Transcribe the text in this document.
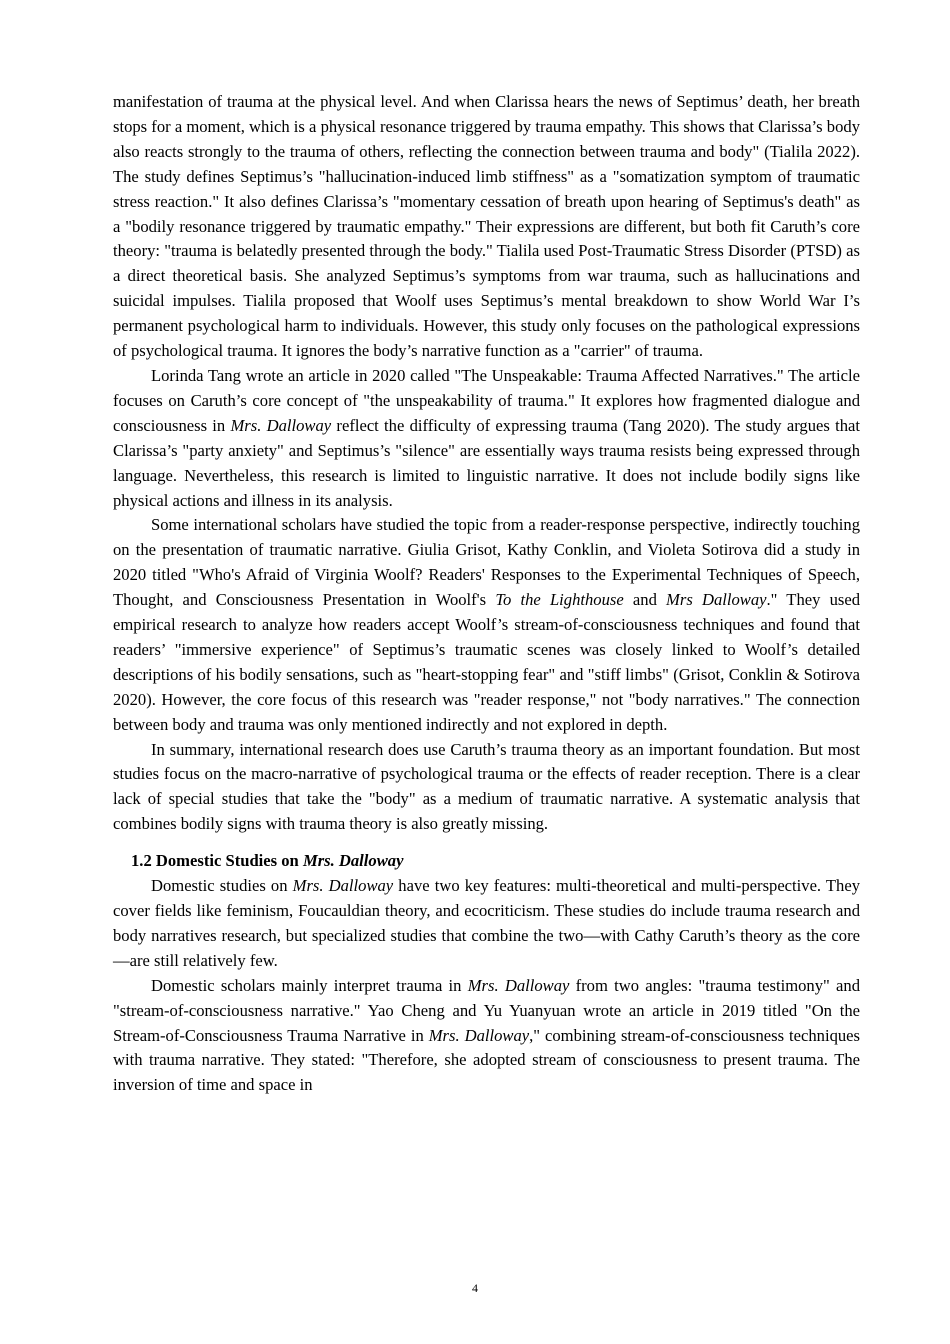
manifestation of trauma at the physical level. And when Clarissa hears the news of Septimus’ death, her breath stops for a moment, which is a physical resonance triggered by trauma empathy. This shows that Clarissa’s body also reacts strongly to the trauma of others, reflecting the connection between trauma and body" (Tialila 2022). The study defines Septimus’s "hallucination-induced limb stiffness" as a "somatization symptom of traumatic stress reaction." It also defines Clarissa’s "momentary cessation of breath upon hearing of Septimus's death" as a "bodily resonance triggered by traumatic empathy." Their expressions are different, but both fit Caruth’s core theory: "trauma is belatedly presented through the body." Tialila used Post-Traumatic Stress Disorder (PTSD) as a direct theoretical basis. She analyzed Septimus’s symptoms from war trauma, such as hallucinations and suicidal impulses. Tialila proposed that Woolf uses Septimus’s mental breakdown to show World War I’s permanent psychological harm to individuals. However, this study only focuses on the pathological expressions of psychological trauma. It ignores the body’s narrative function as a "carrier" of trauma.

Lorinda Tang wrote an article in 2020 called "The Unspeakable: Trauma Affected Narratives." The article focuses on Caruth’s core concept of "the unspeakability of trauma." It explores how fragmented dialogue and consciousness in Mrs. Dalloway reflect the difficulty of expressing trauma (Tang 2020). The study argues that Clarissa’s "party anxiety" and Septimus’s "silence" are essentially ways trauma resists being expressed through language. Nevertheless, this research is limited to linguistic narrative. It does not include bodily signs like physical actions and illness in its analysis.

Some international scholars have studied the topic from a reader-response perspective, indirectly touching on the presentation of traumatic narrative. Giulia Grisot, Kathy Conklin, and Violeta Sotirova did a study in 2020 titled "Who's Afraid of Virginia Woolf? Readers' Responses to the Experimental Techniques of Speech, Thought, and Consciousness Presentation in Woolf's To the Lighthouse and Mrs Dalloway." They used empirical research to analyze how readers accept Woolf’s stream-of-consciousness techniques and found that readers’ "immersive experience" of Septimus’s traumatic scenes was closely linked to Woolf’s detailed descriptions of his bodily sensations, such as "heart-stopping fear" and "stiff limbs" (Grisot, Conklin & Sotirova 2020). However, the core focus of this research was "reader response," not "body narratives." The connection between body and trauma was only mentioned indirectly and not explored in depth.

In summary, international research does use Caruth’s trauma theory as an important foundation. But most studies focus on the macro-narrative of psychological trauma or the effects of reader reception. There is a clear lack of special studies that take the "body" as a medium of traumatic narrative. A systematic analysis that combines bodily signs with trauma theory is also greatly missing.

1.2 Domestic Studies on Mrs. Dalloway

Domestic studies on Mrs. Dalloway have two key features: multi-theoretical and multi-perspective. They cover fields like feminism, Foucauldian theory, and ecocriticism. These studies do include trauma research and body narratives research, but specialized studies that combine the two—with Cathy Caruth’s theory as the core—are still relatively few.

Domestic scholars mainly interpret trauma in Mrs. Dalloway from two angles: "trauma testimony" and "stream-of-consciousness narrative." Yao Cheng and Yu Yuanyuan wrote an article in 2019 titled "On the Stream-of-Consciousness Trauma Narrative in Mrs. Dalloway," combining stream-of-consciousness techniques with trauma narrative. They stated: "Therefore, she adopted stream of consciousness to present trauma. The inversion of time and space in

4
